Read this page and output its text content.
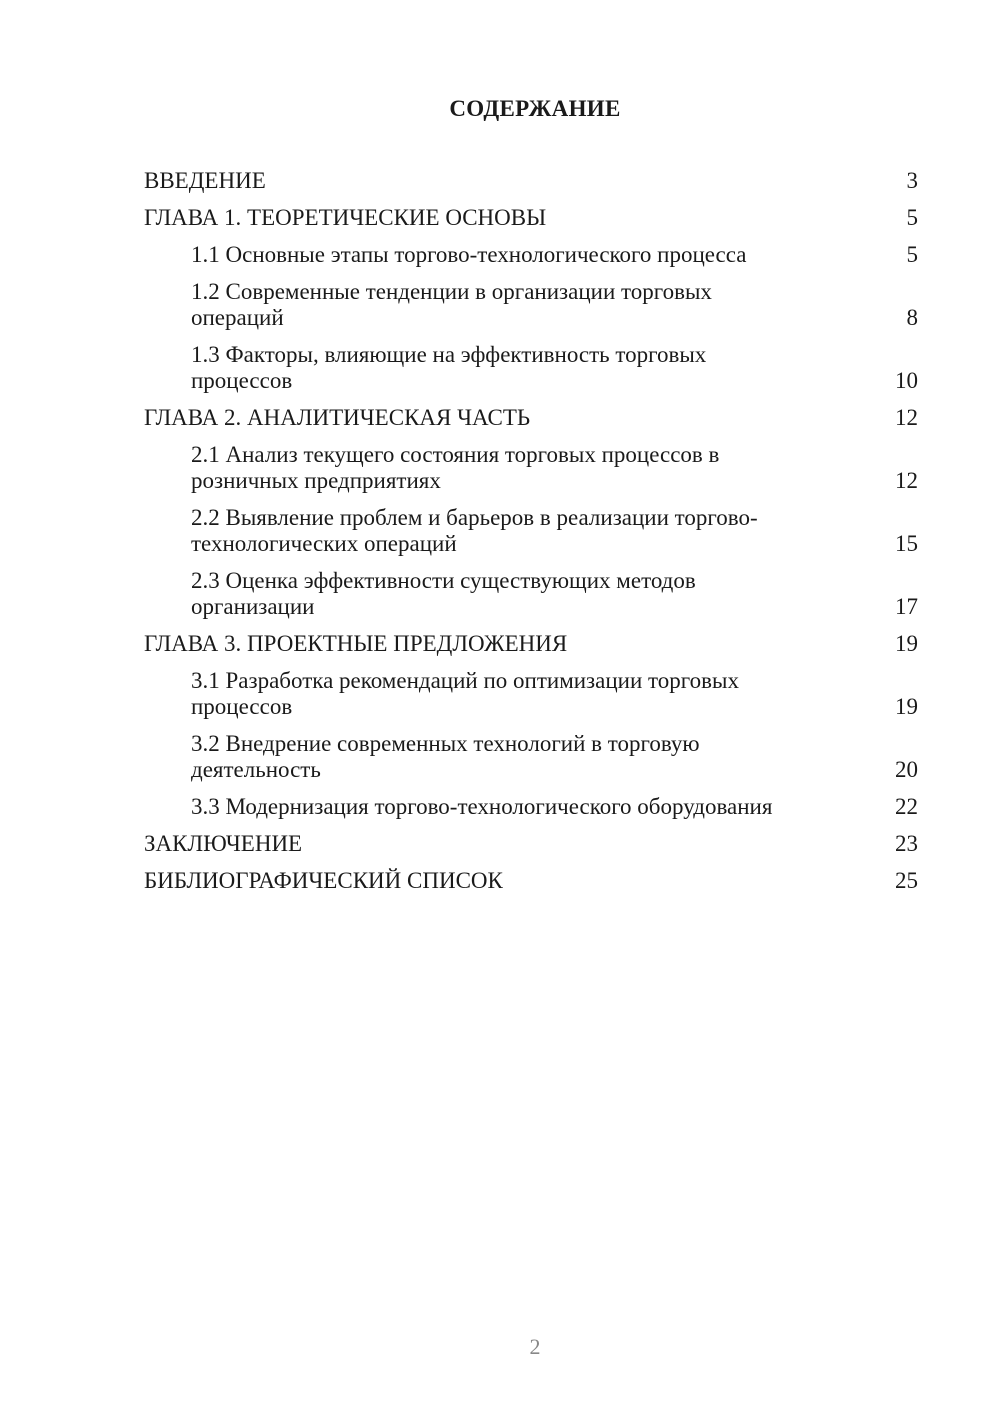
СОДЕРЖАНИЕ
ВВЕДЕНИЕ	3
ГЛАВА 1. ТЕОРЕТИЧЕСКИЕ ОСНОВЫ	5
1.1 Основные этапы торгово-технологического процесса	5
1.2 Современные тенденции в организации торговых операций	8
1.3 Факторы, влияющие на эффективность торговых процессов	10
ГЛАВА 2. АНАЛИТИЧЕСКАЯ ЧАСТЬ	12
2.1 Анализ текущего состояния торговых процессов в розничных предприятиях	12
2.2 Выявление проблем и барьеров в реализации торгово-технологических операций	15
2.3 Оценка эффективности существующих методов организации	17
ГЛАВА 3. ПРОЕКТНЫЕ ПРЕДЛОЖЕНИЯ	19
3.1 Разработка рекомендаций по оптимизации торговых процессов	19
3.2 Внедрение современных технологий в торговую деятельность	20
3.3 Модернизация торгово-технологического оборудования	22
ЗАКЛЮЧЕНИЕ	23
БИБЛИОГРАФИЧЕСКИЙ СПИСОК	25
2
